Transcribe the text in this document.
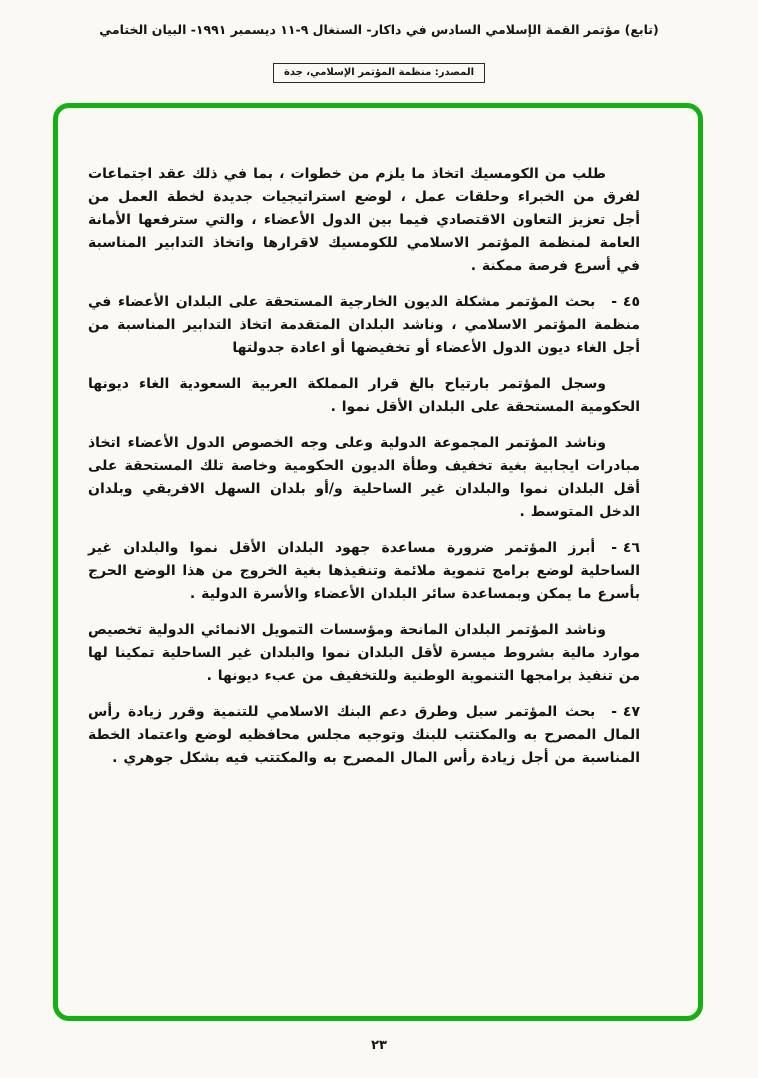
(تابع) مؤتمر القمة الإسلامي السادس في داكار- السنغال ٩-١١ ديسمبر ١٩٩١- البيان الختامي

المصدر: منظمة المؤتمر الإسلامي، جدة

طلب من الكومسيك اتخاذ ما يلزم من خطوات ، بما في ذلك عقد اجتماعات لفرق من الخبراء وحلقات عمل ، لوضع استراتيجيات جديدة لخطة العمل من أجل تعزيز التعاون الاقتصادي فيما بين الدول الأعضاء ، والتي سترفعها الأمانة العامة لمنظمة المؤتمر الاسلامي للكومسيك لاقرارها واتخاذ التدابير المناسبة في أسرع فرصة ممكنة .

٤٥ -بحث المؤتمر مشكلة الديون الخارجية المستحقة على البلدان الأعضاء في منظمة المؤتمر الاسلامي ، وناشد البلدان المتقدمة اتخاذ التدابير المناسبة من أجل الغاء ديون الدول الأعضاء أو تخفيضها أو اعادة جدولتها

وسجل المؤتمر بارتياح بالغ قرار المملكة العربية السعودية الغاء ديونها الحكومية المستحقة على البلدان الأقل نموا .

وناشد المؤتمر المجموعة الدولية وعلى وجه الخصوص الدول الأعضاء اتخاذ مبادرات ايجابية بغية تخفيف وطأة الديون الحكومية وخاصة تلك المستحقة على أقل البلدان نموا والبلدان غير الساحلية و/أو بلدان السهل الافريقي وبلدان الدخل المتوسط .

٤٦ -أبرز المؤتمر ضرورة مساعدة جهود البلدان الأقل نموا والبلدان غير الساحلية لوضع برامج تنموية ملائمة وتنفيذها بغية الخروج من هذا الوضع الحرج بأسرع ما يمكن وبمساعدة سائر البلدان الأعضاء والأسرة الدولية .

وناشد المؤتمر البلدان المانحة ومؤسسات التمويل الانمائي الدولية تخصيص موارد مالية بشروط ميسرة لأقل البلدان نموا والبلدان غير الساحلية تمكينا لها من تنفيذ برامجها التنموية الوطنية وللتخفيف من عبء ديونها .

٤٧ -بحث المؤتمر سبل وطرق دعم البنك الاسلامي للتنمية وقرر زيادة رأس المال المصرح به والمكتتب للبنك وتوجيه مجلس محافظيه لوضع واعتماد الخطة المناسبة من أجل زيادة رأس المال المصرح به والمكتتب فيه بشكل جوهري .

٢٣
